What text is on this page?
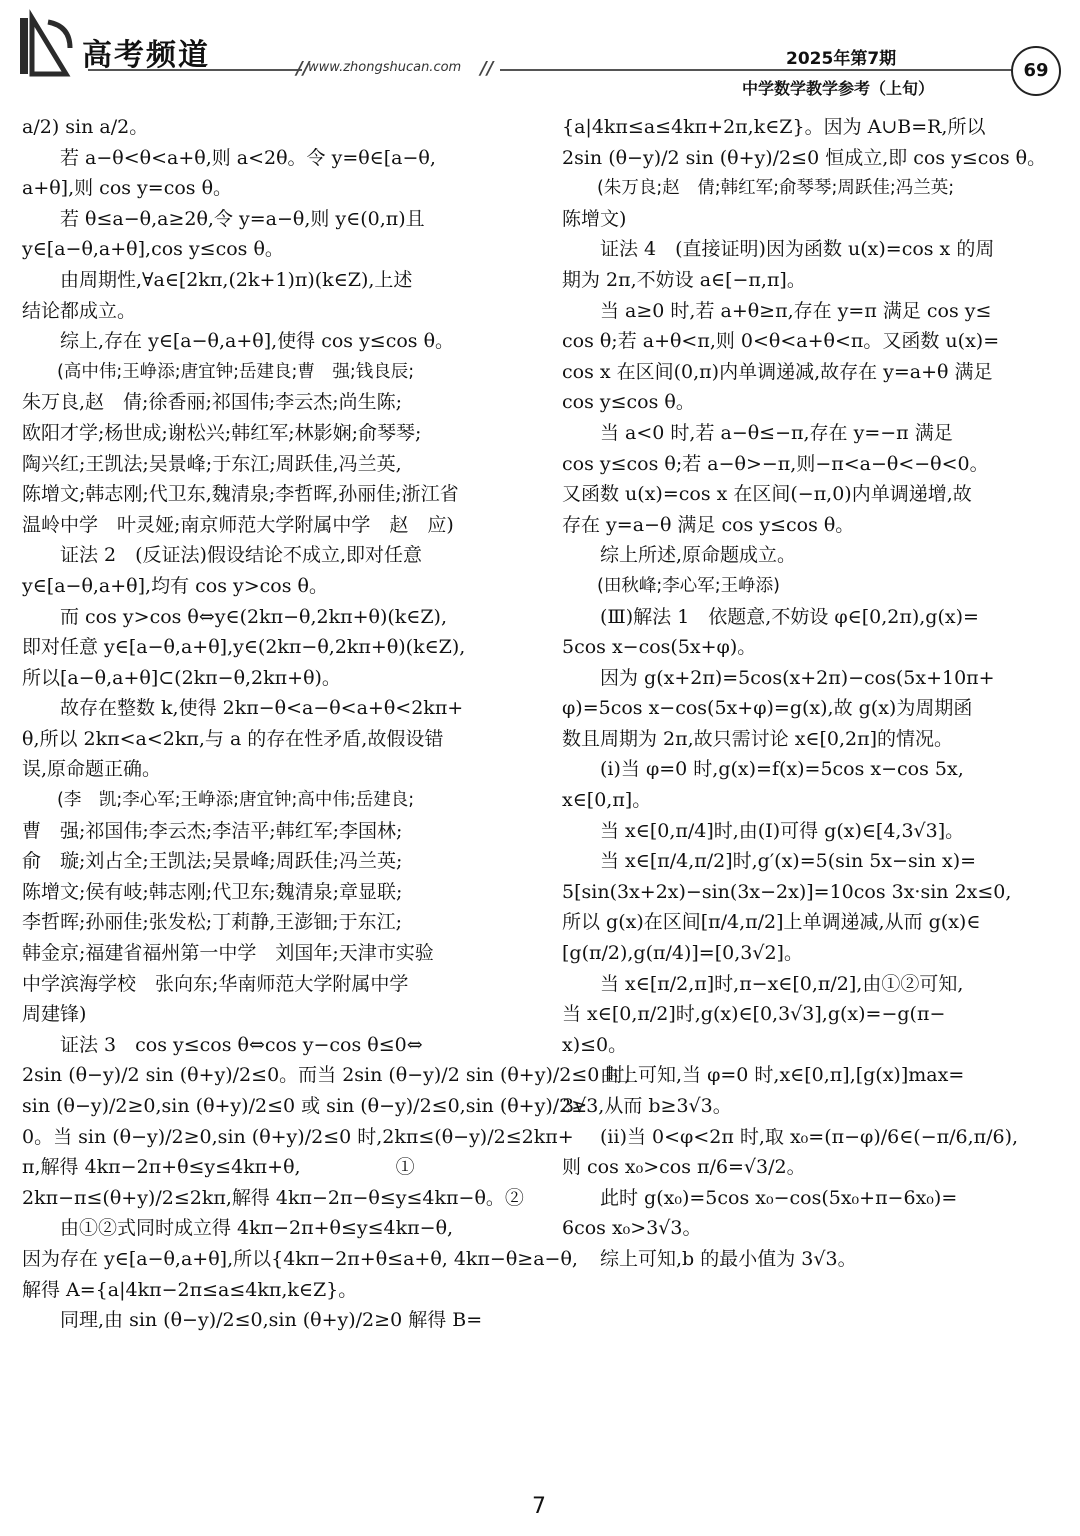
高考频道	//
www.zhongshucan.com //	2025年第7期
中学数学教学参考（上旬）
69

a/2) sin a/2。

　　若 a−θ<θ<a+θ,则 a<2θ。令 y=θ∈[a−θ,

a+θ],则 cos y=cos θ。

　　若 θ≤a−θ,a≥2θ,令 y=a−θ,则 y∈(0,π)且

y∈[a−θ,a+θ],cos y≤cos θ。

　　由周期性,∀a∈[2kπ,(2k+1)π)(k∈Z),上述

结论都成立。

　　综上,存在 y∈[a−θ,a+θ],使得 cos y≤cos θ。

　　(高中伟;王峥添;唐宜钟;岳建良;曹　强;钱良辰;

朱万良,赵　倩;徐香丽;祁国伟;李云杰;尚生陈;

欧阳才学;杨世成;谢松兴;韩红军;林影娴;俞琴琴;

陶兴红;王凯法;吴景峰;于东江;周跃佳,冯兰英,

陈增文;韩志刚;代卫东,魏清泉;李哲晖,孙丽佳;浙江省

温岭中学　叶灵娅;南京师范大学附属中学　赵　应)

　　证法 2　(反证法)假设结论不成立,即对任意

y∈[a−θ,a+θ],均有 cos y>cos θ。

　　而 cos y>cos θ⇔y∈(2kπ−θ,2kπ+θ)(k∈Z),

即对任意 y∈[a−θ,a+θ],y∈(2kπ−θ,2kπ+θ)(k∈Z),

所以[a−θ,a+θ]⊂(2kπ−θ,2kπ+θ)。

　　故存在整数 k,使得 2kπ−θ<a−θ<a+θ<2kπ+

θ,所以 2kπ<a<2kπ,与 a 的存在性矛盾,故假设错

误,原命题正确。

　　(李　凯;李心军;王峥添;唐宜钟;高中伟;岳建良;

曹　强;祁国伟;李云杰;李洁平;韩红军;李国林;

俞　璇;刘占全;王凯法;吴景峰;周跃佳;冯兰英;

陈增文;侯有岐;韩志刚;代卫东;魏清泉;章显联;

李哲晖;孙丽佳;张发松;丁莉静,王澎钿;于东江;

韩金京;福建省福州第一中学　刘国年;天津市实验

中学滨海学校　张向东;华南师范大学附属中学

周建锋)

　　证法 3　cos y≤cos θ⇔cos y−cos θ≤0⇔

2sin (θ−y)/2 sin (θ+y)/2≤0。而当 2sin (θ−y)/2 sin (θ+y)/2≤0 时,

sin (θ−y)/2≥0,sin (θ+y)/2≤0 或 sin (θ−y)/2≤0,sin (θ+y)/2≥

0。当 sin (θ−y)/2≥0,sin (θ+y)/2≤0 时,2kπ≤(θ−y)/2≤2kπ+

π,解得 4kπ−2π+θ≤y≤4kπ+θ,　　　　　①

2kπ−π≤(θ+y)/2≤2kπ,解得 4kπ−2π−θ≤y≤4kπ−θ。②

　　由①②式同时成立得 4kπ−2π+θ≤y≤4kπ−θ,

因为存在 y∈[a−θ,a+θ],所以{4kπ−2π+θ≤a+θ, 4kπ−θ≥a−θ,

解得 A={a|4kπ−2π≤a≤4kπ,k∈Z}。

　　同理,由 sin (θ−y)/2≤0,sin (θ+y)/2≥0 解得 B=

{a|4kπ≤a≤4kπ+2π,k∈Z}。因为 A∪B=R,所以

2sin (θ−y)/2 sin (θ+y)/2≤0 恒成立,即 cos y≤cos θ。

　　(朱万良;赵　倩;韩红军;俞琴琴;周跃佳;冯兰英;

陈增文)

　　证法 4　(直接证明)因为函数 u(x)=cos x 的周

期为 2π,不妨设 a∈[−π,π]。

　　当 a≥0 时,若 a+θ≥π,存在 y=π 满足 cos y≤

cos θ;若 a+θ<π,则 0<θ<a+θ<π。又函数 u(x)=

cos x 在区间(0,π)内单调递减,故存在 y=a+θ 满足

cos y≤cos θ。

　　当 a<0 时,若 a−θ≤−π,存在 y=−π 满足

cos y≤cos θ;若 a−θ>−π,则−π<a−θ<−θ<0。

又函数 u(x)=cos x 在区间(−π,0)内单调递增,故

存在 y=a−θ 满足 cos y≤cos θ。

　　综上所述,原命题成立。

　　(田秋峰;李心军;王峥添)

　　(Ⅲ)解法 1　依题意,不妨设 φ∈[0,2π),g(x)=

5cos x−cos(5x+φ)。

　　因为 g(x+2π)=5cos(x+2π)−cos(5x+10π+

φ)=5cos x−cos(5x+φ)=g(x),故 g(x)为周期函

数且周期为 2π,故只需讨论 x∈[0,2π]的情况。

　　(ⅰ)当 φ=0 时,g(x)=f(x)=5cos x−cos 5x,

x∈[0,π]。

　　当 x∈[0,π/4]时,由(Ⅰ)可得 g(x)∈[4,3√3]。

　　当 x∈[π/4,π/2]时,g′(x)=5(sin 5x−sin x)=

5[sin(3x+2x)−sin(3x−2x)]=10cos 3x·sin 2x≤0,

所以 g(x)在区间[π/4,π/2]上单调递减,从而 g(x)∈

[g(π/2),g(π/4)]=[0,3√2]。

　　当 x∈[π/2,π]时,π−x∈[0,π/2],由①②可知,

当 x∈[0,π/2]时,g(x)∈[0,3√3],g(x)=−g(π−

x)≤0。

　　由上可知,当 φ=0 时,x∈[0,π],[g(x)]max=

3√3,从而 b≥3√3。

　　(ⅱ)当 0<φ<2π 时,取 x₀=(π−φ)/6∈(−π/6,π/6),

则 cos x₀>cos π/6=√3/2。

　　此时 g(x₀)=5cos x₀−cos(5x₀+π−6x₀)=

6cos x₀>3√3。

　　综上可知,b 的最小值为 3√3。

7
